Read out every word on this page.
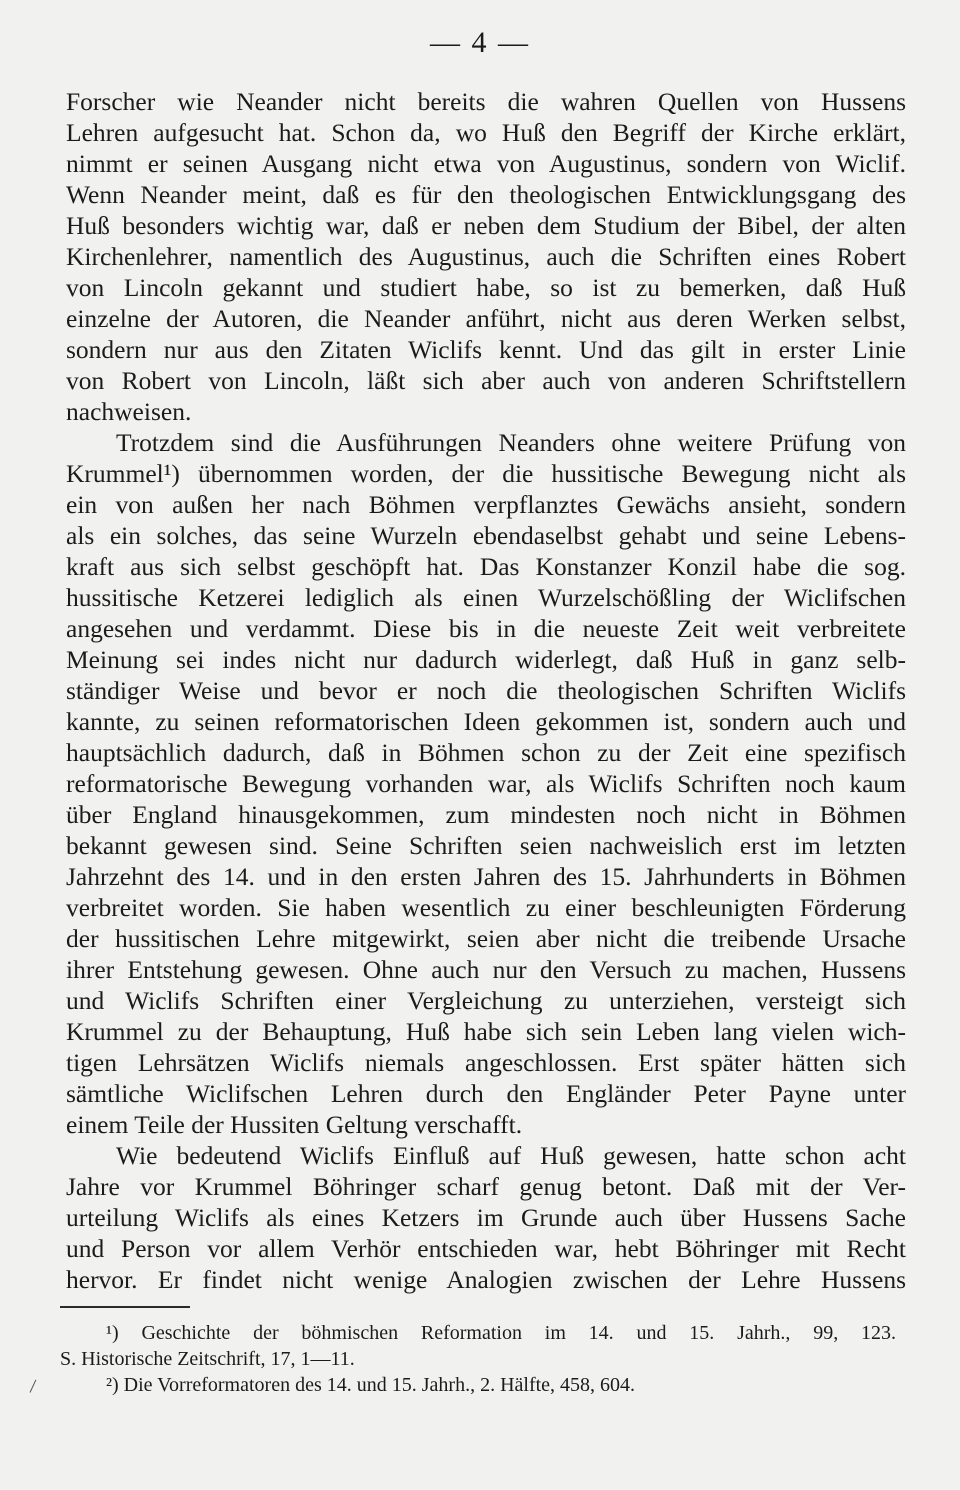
— 4 —
Forscher wie Neander nicht bereits die wahren Quellen von Hussens
Lehren aufgesucht hat. Schon da, wo Huß den Begriff der Kirche erklärt,
nimmt er seinen Ausgang nicht etwa von Augustinus, sondern von Wiclif.
Wenn Neander meint, daß es für den theologischen Entwicklungsgang des
Huß besonders wichtig war, daß er neben dem Studium der Bibel, der alten
Kirchenlehrer, namentlich des Augustinus, auch die Schriften eines Robert
von Lincoln gekannt und studiert habe, so ist zu bemerken, daß Huß
einzelne der Autoren, die Neander anführt, nicht aus deren Werken selbst,
sondern nur aus den Zitaten Wiclifs kennt. Und das gilt in erster Linie
von Robert von Lincoln, läßt sich aber auch von anderen Schriftstellern
nachweisen.
Trotzdem sind die Ausführungen Neanders ohne weitere Prüfung von
Krummel¹) übernommen worden, der die hussitische Bewegung nicht als
ein von außen her nach Böhmen verpflanztes Gewächs ansieht, sondern
als ein solches, das seine Wurzeln ebendaselbst gehabt und seine Lebens-
kraft aus sich selbst geschöpft hat. Das Konstanzer Konzil habe die sog.
hussitische Ketzerei lediglich als einen Wurzelschößling der Wiclifschen
angesehen und verdammt. Diese bis in die neueste Zeit weit verbreitete
Meinung sei indes nicht nur dadurch widerlegt, daß Huß in ganz selb-
ständiger Weise und bevor er noch die theologischen Schriften Wiclifs
kannte, zu seinen reformatorischen Ideen gekommen ist, sondern auch und
hauptsächlich dadurch, daß in Böhmen schon zu der Zeit eine spezifisch
reformatorische Bewegung vorhanden war, als Wiclifs Schriften noch kaum
über England hinausgekommen, zum mindesten noch nicht in Böhmen
bekannt gewesen sind. Seine Schriften seien nachweislich erst im letzten
Jahrzehnt des 14. und in den ersten Jahren des 15. Jahrhunderts in Böhmen
verbreitet worden. Sie haben wesentlich zu einer beschleunigten Förderung
der hussitischen Lehre mitgewirkt, seien aber nicht die treibende Ursache
ihrer Entstehung gewesen. Ohne auch nur den Versuch zu machen, Hussens
und Wiclifs Schriften einer Vergleichung zu unterziehen, versteigt sich
Krummel zu der Behauptung, Huß habe sich sein Leben lang vielen wich-
tigen Lehrsätzen Wiclifs niemals angeschlossen. Erst später hätten sich
sämtliche Wiclifschen Lehren durch den Engländer Peter Payne unter
einem Teile der Hussiten Geltung verschafft.
Wie bedeutend Wiclifs Einfluß auf Huß gewesen, hatte schon acht
Jahre vor Krummel Böhringer scharf genug betont. Daß mit der Ver-
urteilung Wiclifs als eines Ketzers im Grunde auch über Hussens Sache
und Person vor allem Verhör entschieden war, hebt Böhringer mit Recht
hervor. Er findet nicht wenige Analogien zwischen der Lehre Hussens
¹) Geschichte der böhmischen Reformation im 14. und 15. Jahrh., 99, 123.
S. Historische Zeitschrift, 17, 1—11.
²) Die Vorreformatoren des 14. und 15. Jahrh., 2. Hälfte, 458, 604.
